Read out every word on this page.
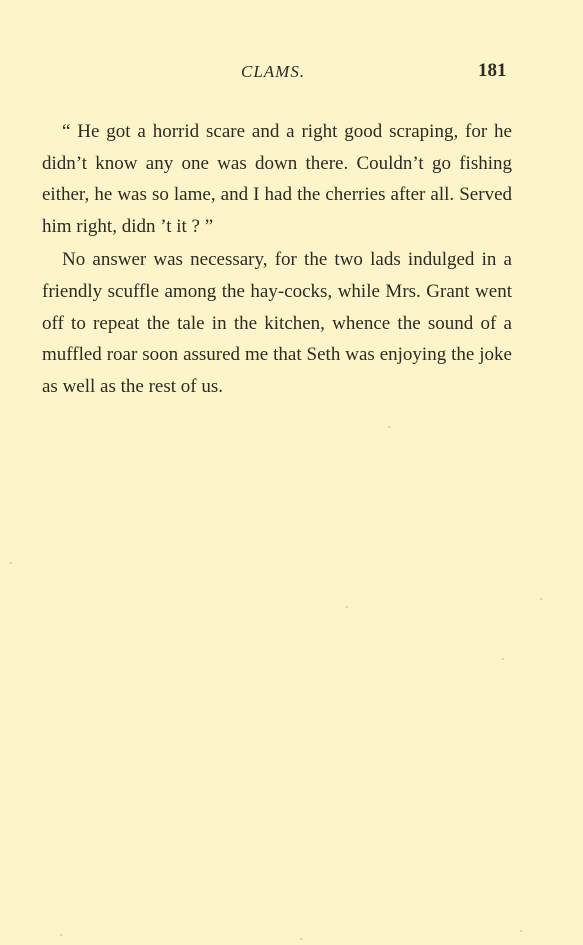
CLAMS.	181

“ He got a horrid scare and a right good scraping, for he didn’t know any one was down there. Couldn’t go fishing either, he was so lame, and I had the cherries after all. Served him right, didn ’t it ? ”

No answer was necessary, for the two lads indulged in a friendly scuffle among the hay-cocks, while Mrs. Grant went off to repeat the tale in the kitchen, whence the sound of a muffled roar soon assured me that Seth was enjoying the joke as well as the rest of us.
